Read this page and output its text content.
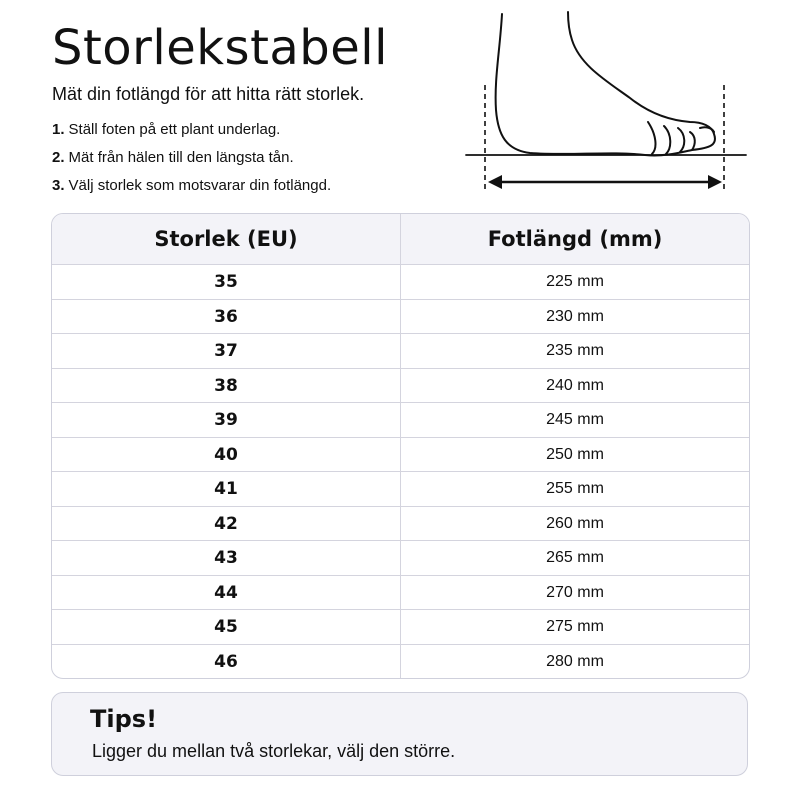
Storlekstabell
Mät din fotlängd för att hitta rätt storlek.
1. Ställ foten på ett plant underlag.
2. Mät från hälen till den längsta tån.
3. Välj storlek som motsvarar din fotlängd.
Storlek (EU)	Fotlängd (mm)
35	225 mm
36	230 mm
37	235 mm
38	240 mm
39	245 mm
40	250 mm
41	255 mm
42	260 mm
43	265 mm
44	270 mm
45	275 mm
46	280 mm
Tips!
Ligger du mellan två storlekar, välj den större.
